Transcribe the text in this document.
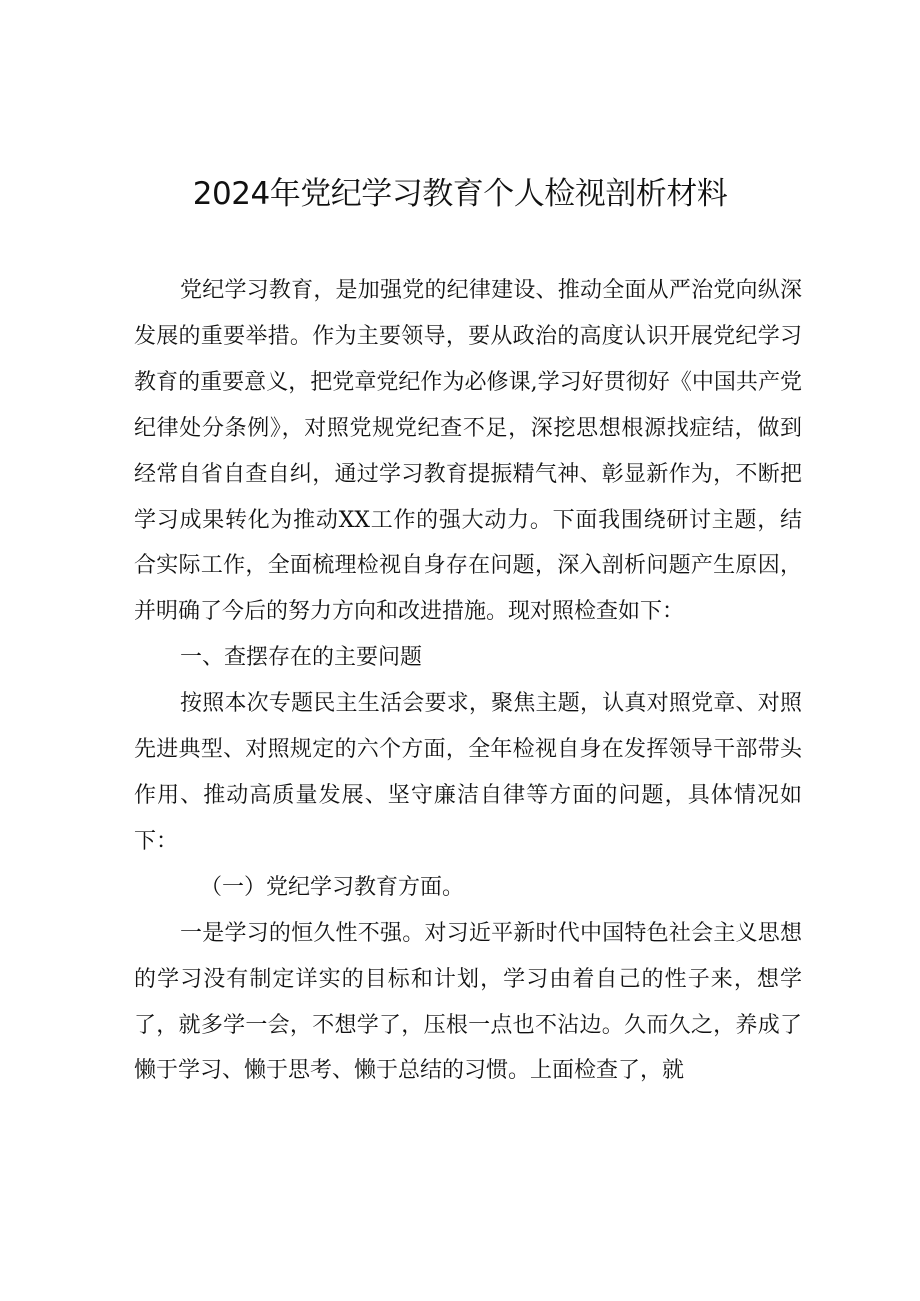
2024年党纪学习教育个人检视剖析材料

党纪学习教育，是加强党的纪律建设、推动全面从严治党向纵深发展的重要举措。作为主要领导，要从政治的高度认识开展党纪学习教育的重要意义，把党章党纪作为必修课,学习好贯彻好《中国共产党纪律处分条例》，对照党规党纪查不足，深挖思想根源找症结，做到经常自省自查自纠，通过学习教育提振精气神、彰显新作为，不断把学习成果转化为推动XX工作的强大动力。下面我围绕研讨主题，结合实际工作，全面梳理检视自身存在问题，深入剖析问题产生原因，并明确了今后的努力方向和改进措施。现对照检查如下：

一、查摆存在的主要问题

按照本次专题民主生活会要求，聚焦主题，认真对照党章、对照先进典型、对照规定的六个方面，全年检视自身在发挥领导干部带头作用、推动高质量发展、坚守廉洁自律等方面的问题，具体情况如下：

（一）党纪学习教育方面。

一是学习的恒久性不强。对习近平新时代中国特色社会主义思想的学习没有制定详实的目标和计划，学习由着自己的性子来，想学了，就多学一会，不想学了，压根一点也不沾边。久而久之，养成了懒于学习、懒于思考、懒于总结的习惯。上面检查了，就
